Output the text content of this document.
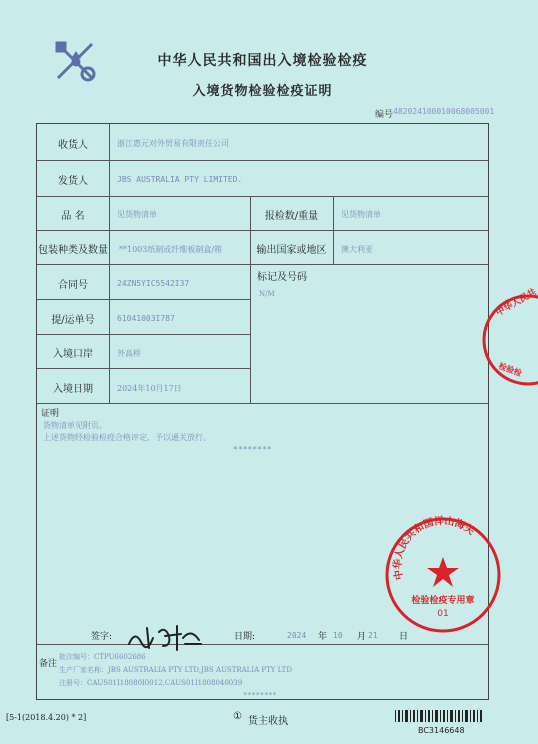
中华人民共和国出入境检验检疫
入境货物检验检疫证明
编号 482024100010068005001
收货人	浙江惠元对外贸易有限责任公司
发货人	JBS AUSTRALIA PTY LIMITED.
品 名	见货物清单	报检数/重量	见货物清单
包装种类及数量 **1003纸制或纤维板制盒/箱	输出国家或地区	澳大利亚
合同号	24ZN5YIC5542I37
标记及号码
N/M
提/运单号	61041003I787
入境口岸	外高桥
入境日期	2024年10月17日
证明
货物清单见附页。
上述货物经检验检疫合格评定，予以通关放行。
********
签字:	日期:	2024 年 10 月 21 日
备注
批次编号：CTPU6602686
生产厂家名称：JBS AUSTRALIA PTY LTD,JBS AUSTRALIA PTY LTD
注册号：CAUS01I18080I0012,CAUS01I1808040039
********
中华人民共
检验检
中华人民共和国洋山海关
检验检疫专用章
01
[5-1(2018.4.20) * 2]	① 货主收执
BC3146648
